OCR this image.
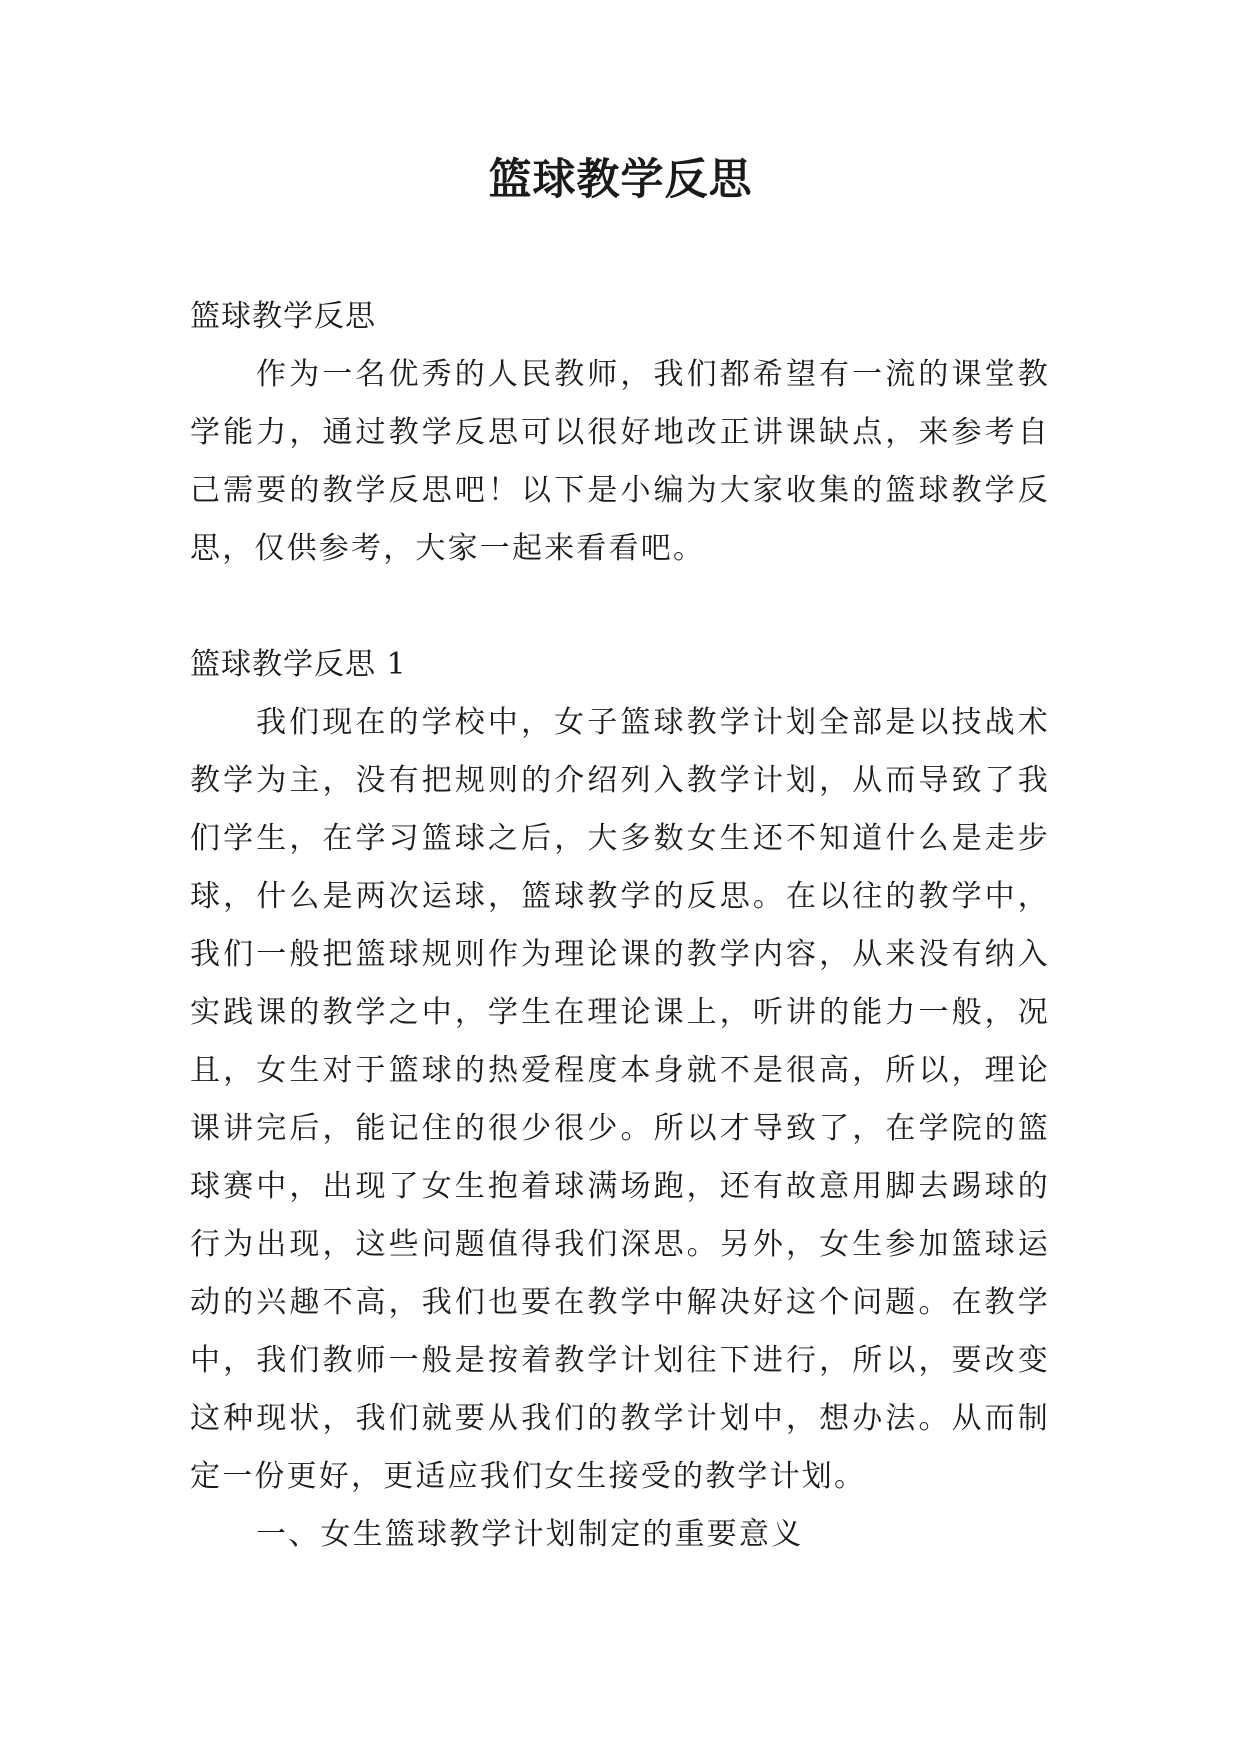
篮球教学反思

篮球教学反思

作为一名优秀的人民教师，我们都希望有一流的课堂教学能力，通过教学反思可以很好地改正讲课缺点，来参考自己需要的教学反思吧！以下是小编为大家收集的篮球教学反思，仅供参考，大家一起来看看吧。

篮球教学反思 1

我们现在的学校中，女子篮球教学计划全部是以技战术教学为主，没有把规则的介绍列入教学计划，从而导致了我们学生，在学习篮球之后，大多数女生还不知道什么是走步球，什么是两次运球，篮球教学的反思。在以往的教学中，我们一般把篮球规则作为理论课的教学内容，从来没有纳入实践课的教学之中，学生在理论课上，听讲的能力一般，况且，女生对于篮球的热爱程度本身就不是很高，所以，理论课讲完后，能记住的很少很少。所以才导致了，在学院的篮球赛中，出现了女生抱着球满场跑，还有故意用脚去踢球的行为出现，这些问题值得我们深思。另外，女生参加篮球运动的兴趣不高，我们也要在教学中解决好这个问题。在教学中，我们教师一般是按着教学计划往下进行，所以，要改变这种现状，我们就要从我们的教学计划中，想办法。从而制定一份更好，更适应我们女生接受的教学计划。

一、女生篮球教学计划制定的重要意义
